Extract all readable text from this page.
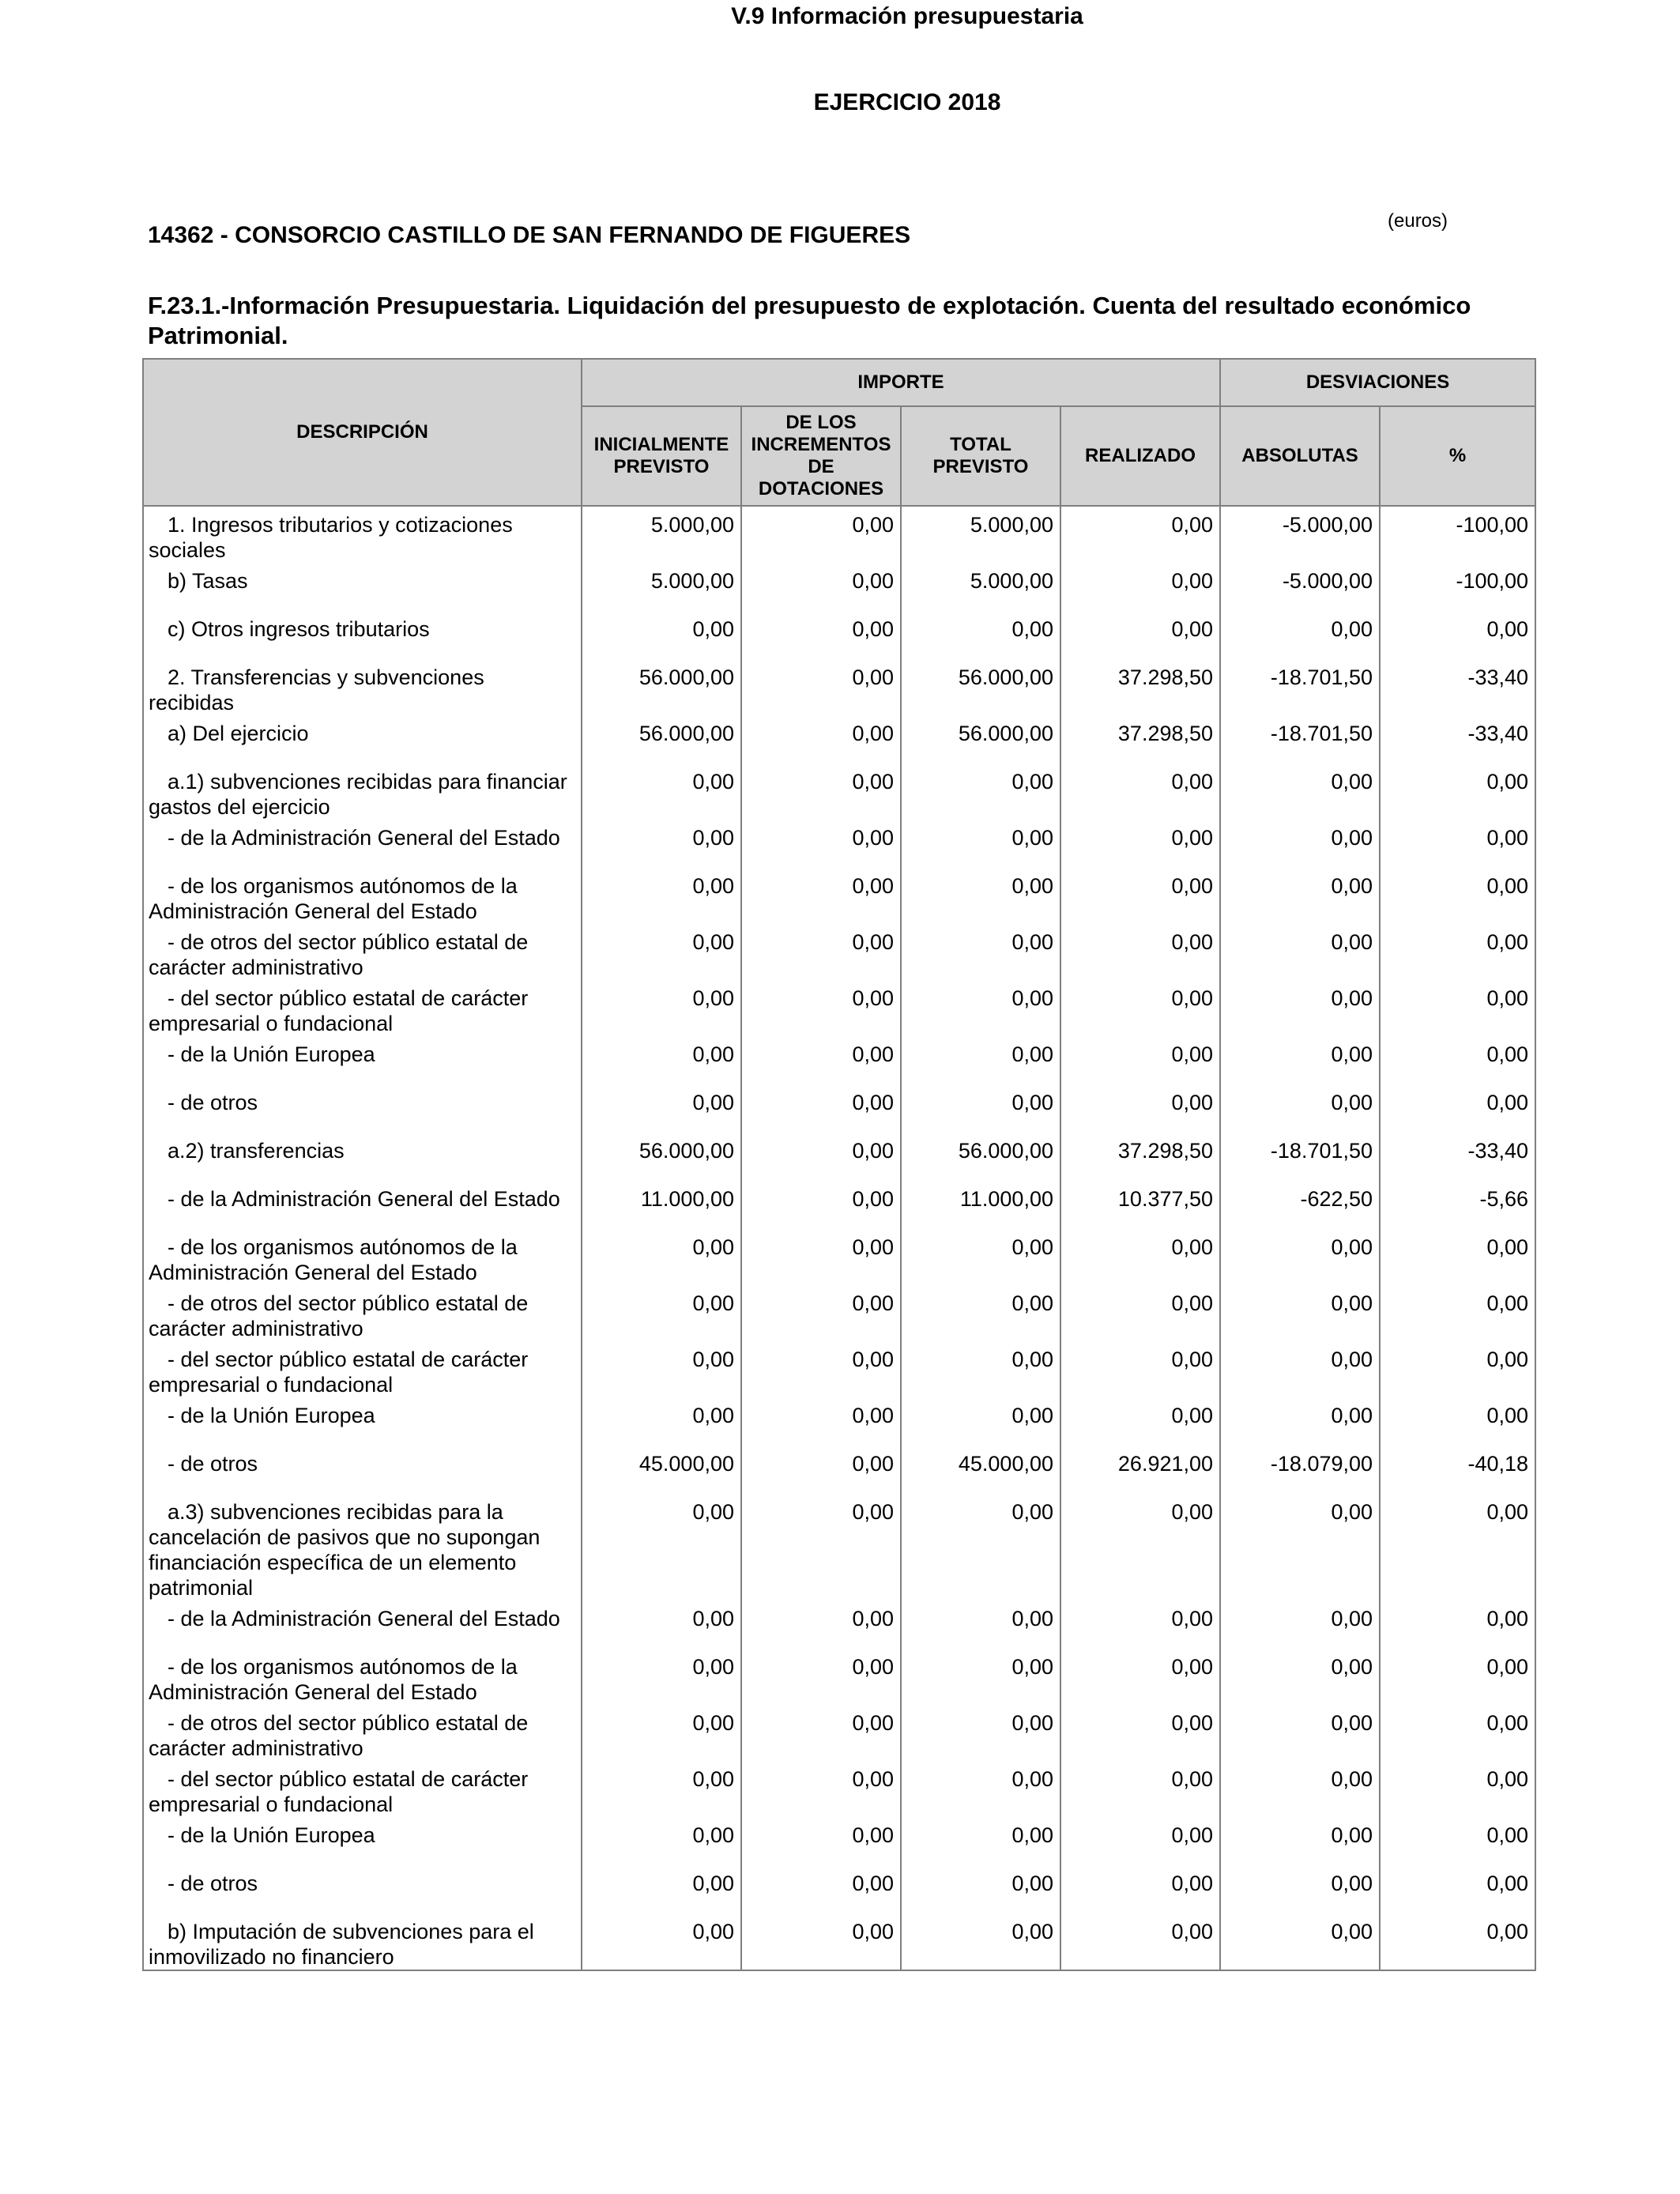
V.9 Información presupuestaria
EJERCICIO 2018
14362 - CONSORCIO CASTILLO DE SAN FERNANDO DE FIGUERES
(euros)
F.23.1.-Información Presupuestaria. Liquidación del presupuesto de explotación. Cuenta del resultado económico Patrimonial.
DESCRIPCIÓN	IMPORTE				DESVIACIONES	
	INICIALMENTE PREVISTO	DE LOS INCREMENTOS DE DOTACIONES	TOTAL PREVISTO	REALIZADO	ABSOLUTAS	%
1. Ingresos tributarios y cotizaciones sociales	5.000,00	0,00	5.000,00	0,00	-5.000,00	-100,00
b) Tasas	5.000,00	0,00	5.000,00	0,00	-5.000,00	-100,00
c) Otros ingresos tributarios	0,00	0,00	0,00	0,00	0,00	0,00
2. Transferencias y subvenciones recibidas	56.000,00	0,00	56.000,00	37.298,50	-18.701,50	-33,40
a) Del ejercicio	56.000,00	0,00	56.000,00	37.298,50	-18.701,50	-33,40
a.1) subvenciones recibidas para financiar gastos del ejercicio	0,00	0,00	0,00	0,00	0,00	0,00
- de la Administración General del Estado	0,00	0,00	0,00	0,00	0,00	0,00
- de los organismos autónomos de la Administración General del Estado	0,00	0,00	0,00	0,00	0,00	0,00
- de otros del sector público estatal de carácter administrativo	0,00	0,00	0,00	0,00	0,00	0,00
- del sector público estatal de carácter empresarial o fundacional	0,00	0,00	0,00	0,00	0,00	0,00
- de la Unión Europea	0,00	0,00	0,00	0,00	0,00	0,00
- de otros	0,00	0,00	0,00	0,00	0,00	0,00
a.2) transferencias	56.000,00	0,00	56.000,00	37.298,50	-18.701,50	-33,40
- de la Administración General del Estado	11.000,00	0,00	11.000,00	10.377,50	-622,50	-5,66
- de los organismos autónomos de la Administración General del Estado	0,00	0,00	0,00	0,00	0,00	0,00
- de otros del sector público estatal de carácter administrativo	0,00	0,00	0,00	0,00	0,00	0,00
- del sector público estatal de carácter empresarial o fundacional	0,00	0,00	0,00	0,00	0,00	0,00
- de la Unión Europea	0,00	0,00	0,00	0,00	0,00	0,00
- de otros	45.000,00	0,00	45.000,00	26.921,00	-18.079,00	-40,18
a.3) subvenciones recibidas para la cancelación de pasivos que no supongan financiación específica de un elemento patrimonial	0,00	0,00	0,00	0,00	0,00	0,00
- de la Administración General del Estado	0,00	0,00	0,00	0,00	0,00	0,00
- de los organismos autónomos de la Administración General del Estado	0,00	0,00	0,00	0,00	0,00	0,00
- de otros del sector público estatal de carácter administrativo	0,00	0,00	0,00	0,00	0,00	0,00
- del sector público estatal de carácter empresarial o fundacional	0,00	0,00	0,00	0,00	0,00	0,00
- de la Unión Europea	0,00	0,00	0,00	0,00	0,00	0,00
- de otros	0,00	0,00	0,00	0,00	0,00	0,00
b) Imputación de subvenciones para el inmovilizado no financiero	0,00	0,00	0,00	0,00	0,00	0,00
